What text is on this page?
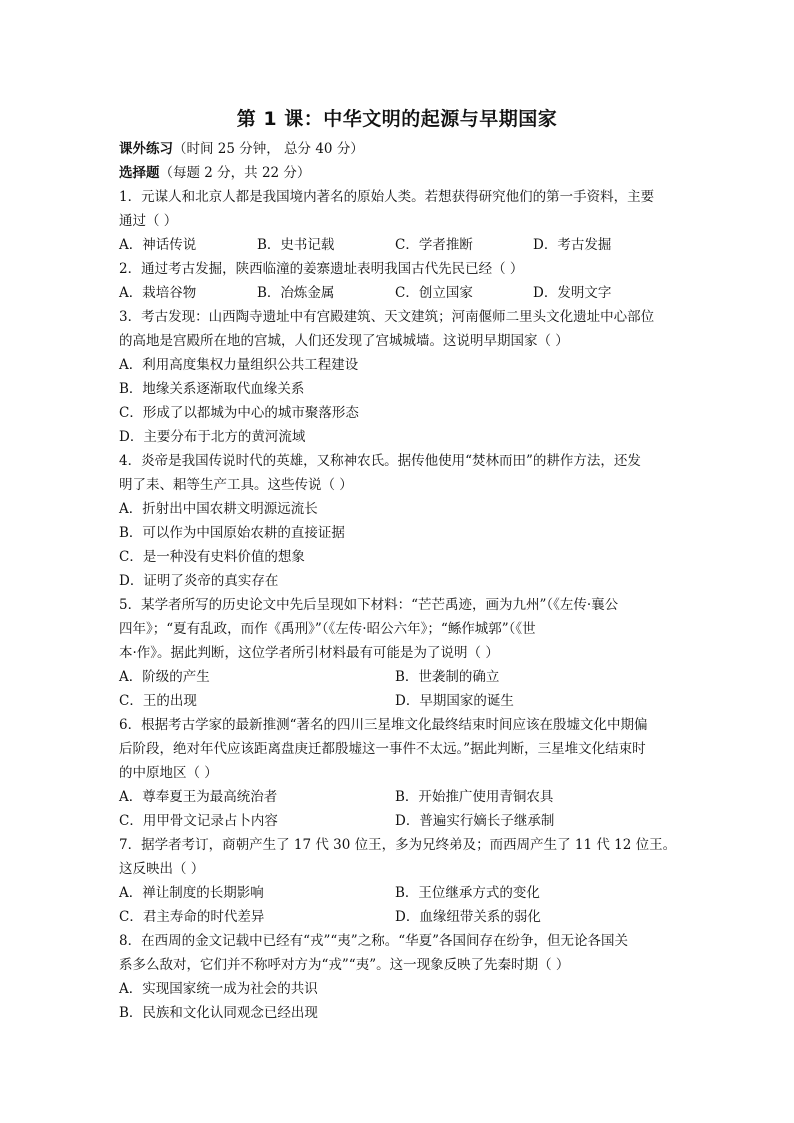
第 1 课：中华文明的起源与早期国家
课外练习（时间 25 分钟， 总分 40 分）
选择题（每题 2 分，共 22 分）
1．元谋人和北京人都是我国境内著名的原始人类。若想获得研究他们的第一手资料，主要
通过（ ）
A．神话传说	B．史书记载	C．学者推断	D．考古发掘
2．通过考古发掘，陕西临潼的姜寨遗址表明我国古代先民已经（ ）
A．栽培谷物	B．冶炼金属	C．创立国家	D．发明文字
3．考古发现：山西陶寺遗址中有宫殿建筑、天文建筑；河南偃师二里头文化遗址中心部位
的高地是宫殿所在地的宫城，人们还发现了宫城城墙。这说明早期国家（ ）
A．利用高度集权力量组织公共工程建设
B．地缘关系逐渐取代血缘关系
C．形成了以都城为中心的城市聚落形态
D．主要分布于北方的黄河流域
4．炎帝是我国传说时代的英雄，又称神农氏。据传他使用“焚林而田”的耕作方法，还发
明了耒、耜等生产工具。这些传说（ ）
A．折射出中国农耕文明源远流长
B．可以作为中国原始农耕的直接证据
C．是一种没有史料价值的想象
D．证明了炎帝的真实存在
5．某学者所写的历史论文中先后呈现如下材料：“芒芒禹迹，画为九州”（《左传·襄公
四年》；“夏有乱政，而作《禹刑》”（《左传·昭公六年》；“鲧作城郭”（《世
本·作》。据此判断，这位学者所引材料最有可能是为了说明（ ）
A．阶级的产生	B．世袭制的确立
C．王的出现	D．早期国家的诞生
6．根据考古学家的最新推测“著名的四川三星堆文化最终结束时间应该在殷墟文化中期偏
后阶段，绝对年代应该距离盘庚迁都殷墟这一事件不太远。”据此判断，三星堆文化结束时
的中原地区（ ）
A．尊奉夏王为最高统治者	B．开始推广使用青铜农具
C．用甲骨文记录占卜内容	D．普遍实行嫡长子继承制
7．据学者考订，商朝产生了 17 代 30 位王，多为兄终弟及；而西周产生了 11 代 12 位王。
这反映出（ ）
A．禅让制度的长期影响	B．王位继承方式的变化
C．君主寿命的时代差异	D．血缘纽带关系的弱化
8．在西周的金文记载中已经有“戎”“夷”之称。“华夏”各国间存在纷争，但无论各国关
系多么敌对，它们并不称呼对方为“戎”“夷”。这一现象反映了先秦时期（ ）
A．实现国家统一成为社会的共识
B．民族和文化认同观念已经出现
